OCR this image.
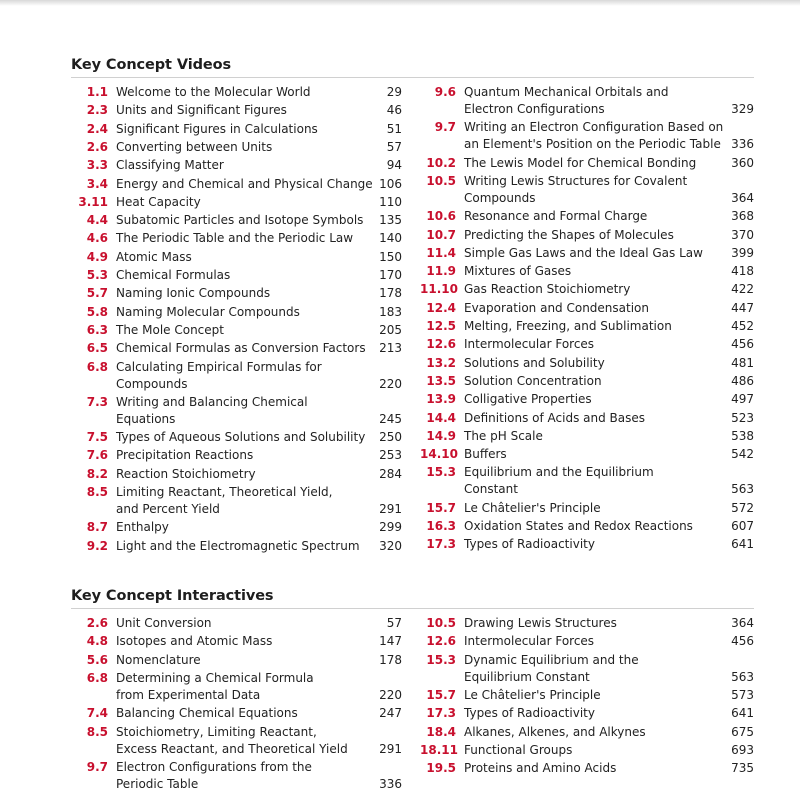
Key Concept Videos
1.1 Welcome to the Molecular World	29
2.3 Units and Significant Figures	46
2.4 Significant Figures in Calculations	51
2.6 Converting between Units	57
3.3 Classifying Matter	94
3.4 Energy and Chemical and Physical Change 106
3.11 Heat Capacity	110
4.4 Subatomic Particles and Isotope Symbols 135
4.6 The Periodic Table and the Periodic Law	140
4.9 Atomic Mass	150
5.3 Chemical Formulas	170
5.7 Naming Ionic Compounds	178
5.8 Naming Molecular Compounds	183
6.3 The Mole Concept	205
6.5 Chemical Formulas as Conversion Factors 213
6.8 Calculating Empirical Formulas for
Compounds	220
7.3 Writing and Balancing Chemical
Equations	245
7.5 Types of Aqueous Solutions and Solubility 250
7.6 Precipitation Reactions	253
8.2 Reaction Stoichiometry	284
8.5 Limiting Reactant, Theoretical Yield,
and Percent Yield	291
8.7 Enthalpy	299
9.2 Light and the Electromagnetic Spectrum 320
9.6 Quantum Mechanical Orbitals and
Electron Configurations	329
9.7 Writing an Electron Configuration Based on
an Element's Position on the Periodic Table 336
10.2 The Lewis Model for Chemical Bonding	360
10.5 Writing Lewis Structures for Covalent
Compounds	364
10.6 Resonance and Formal Charge	368
10.7 Predicting the Shapes of Molecules	370
11.4 Simple Gas Laws and the Ideal Gas Law	399
11.9 Mixtures of Gases	418
11.10 Gas Reaction Stoichiometry	422
12.4 Evaporation and Condensation	447
12.5 Melting, Freezing, and Sublimation	452
12.6 Intermolecular Forces	456
13.2 Solutions and Solubility	481
13.5 Solution Concentration	486
13.9 Colligative Properties	497
14.4 Definitions of Acids and Bases	523
14.9 The pH Scale	538
14.10 Buffers	542
15.3 Equilibrium and the Equilibrium
Constant	563
15.7 Le Châtelier's Principle	572
16.3 Oxidation States and Redox Reactions	607
17.3 Types of Radioactivity	641
Key Concept Interactives
2.6 Unit Conversion	57
4.8 Isotopes and Atomic Mass	147
5.6 Nomenclature	178
6.8 Determining a Chemical Formula
from Experimental Data	220
7.4 Balancing Chemical Equations	247
8.5 Stoichiometry, Limiting Reactant,
Excess Reactant, and Theoretical Yield	291
9.7 Electron Configurations from the
Periodic Table	336
10.5 Drawing Lewis Structures	364
12.6 Intermolecular Forces	456
15.3 Dynamic Equilibrium and the
Equilibrium Constant	563
15.7 Le Châtelier's Principle	573
17.3 Types of Radioactivity	641
18.4 Alkanes, Alkenes, and Alkynes	675
18.11 Functional Groups	693
19.5 Proteins and Amino Acids	735
